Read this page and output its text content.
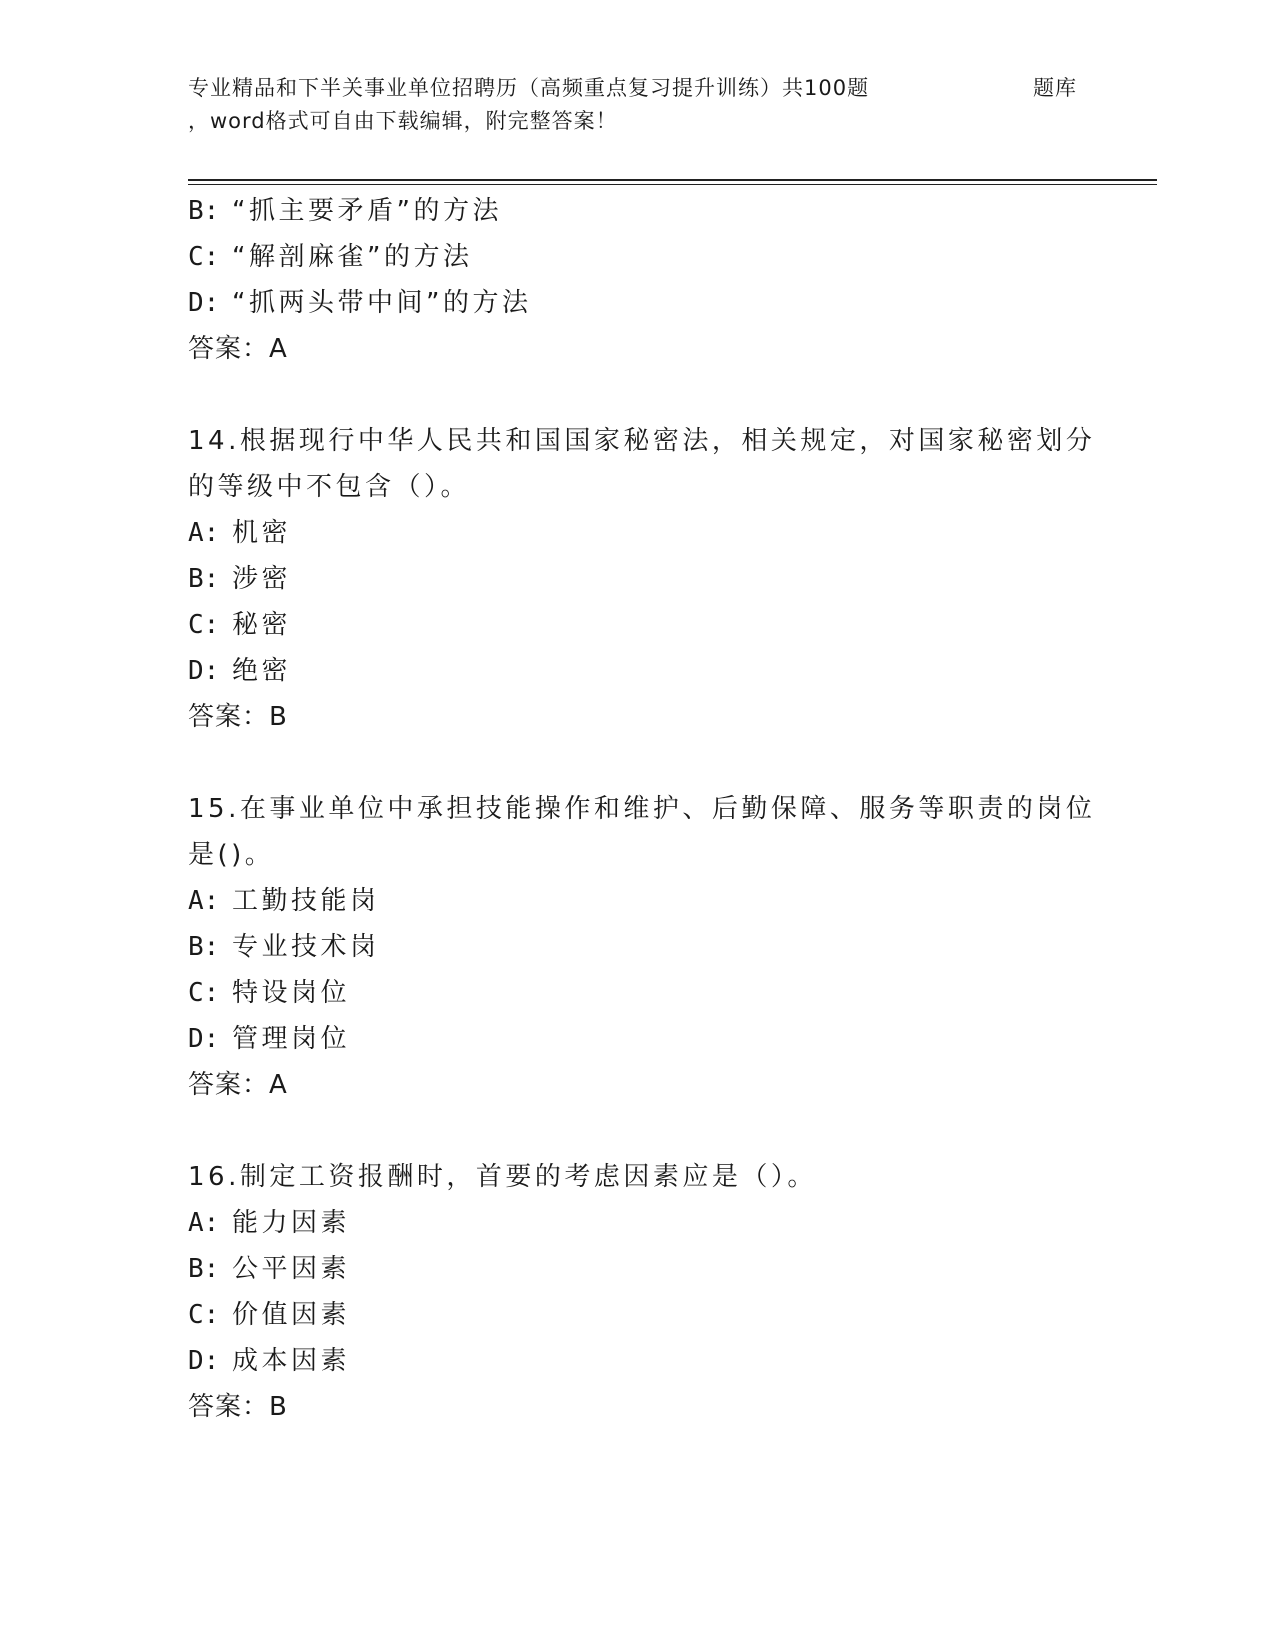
专业精品和下半关事业单位招聘历（高频重点复习提升训练）共100题	题库
，word格式可自由下载编辑，附完整答案！
B: “抓主要矛盾”的方法
C: “解剖麻雀”的方法
D: “抓两头带中间”的方法
答案：A
14.根据现行中华人民共和国国家秘密法，相关规定，对国家秘密划分
的等级中不包含（）。
A: 机密
B: 涉密
C: 秘密
D: 绝密
答案：B
15.在事业单位中承担技能操作和维护、后勤保障、服务等职责的岗位
是()。
A: 工勤技能岗
B: 专业技术岗
C: 特设岗位
D: 管理岗位
答案：A
16.制定工资报酬时，首要的考虑因素应是（）。
A: 能力因素
B: 公平因素
C: 价值因素
D: 成本因素
答案：B
